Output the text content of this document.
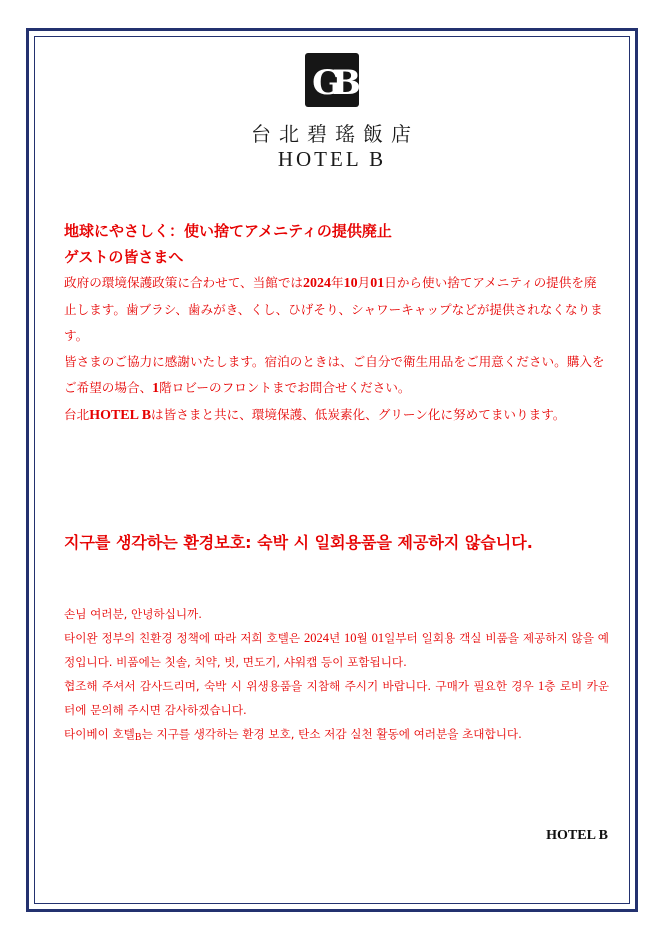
GB
台北碧瑤飯店
HOTEL B
地球にやさしく：使い捨てアメニティの提供廃止
ゲストの皆さまへ

政府の環境保護政策に合わせて、当館では2024年10月01日から使い捨てアメニティの提供を廃止します。歯ブラシ、歯みがき、くし、ひげそり、シャワーキャップなどが提供されなくなります。

皆さまのご協力に感謝いたします。宿泊のときは、ご自分で衛生用品をご用意ください。購入をご希望の場合、1階ロビーのフロントまでお問合せください。

台北HOTEL Bは皆さまと共に、環境保護、低炭素化、グリーン化に努めてまいります。

지구를 생각하는 환경보호: 숙박 시 일회용품을 제공하지 않습니다.

손님 여러분, 안녕하십니까.

타이완 정부의 친환경 정책에 따라 저희 호텔은 2024년 10월 01일부터 일회용 객실 비품을 제공하지 않을 예정입니다. 비품에는 칫솔, 치약, 빗, 면도기, 샤워캡 등이 포함됩니다.

협조해 주셔서 감사드리며, 숙박 시 위생용품을 지참해 주시기 바랍니다. 구매가 필요한 경우 1층 로비 카운터에 문의해 주시면 감사하겠습니다.

타이베이 호텔$_B$는 지구를 생각하는 환경 보호, 탄소 저감 실천 활동에 여러분을 초대합니다.

HOTEL B
